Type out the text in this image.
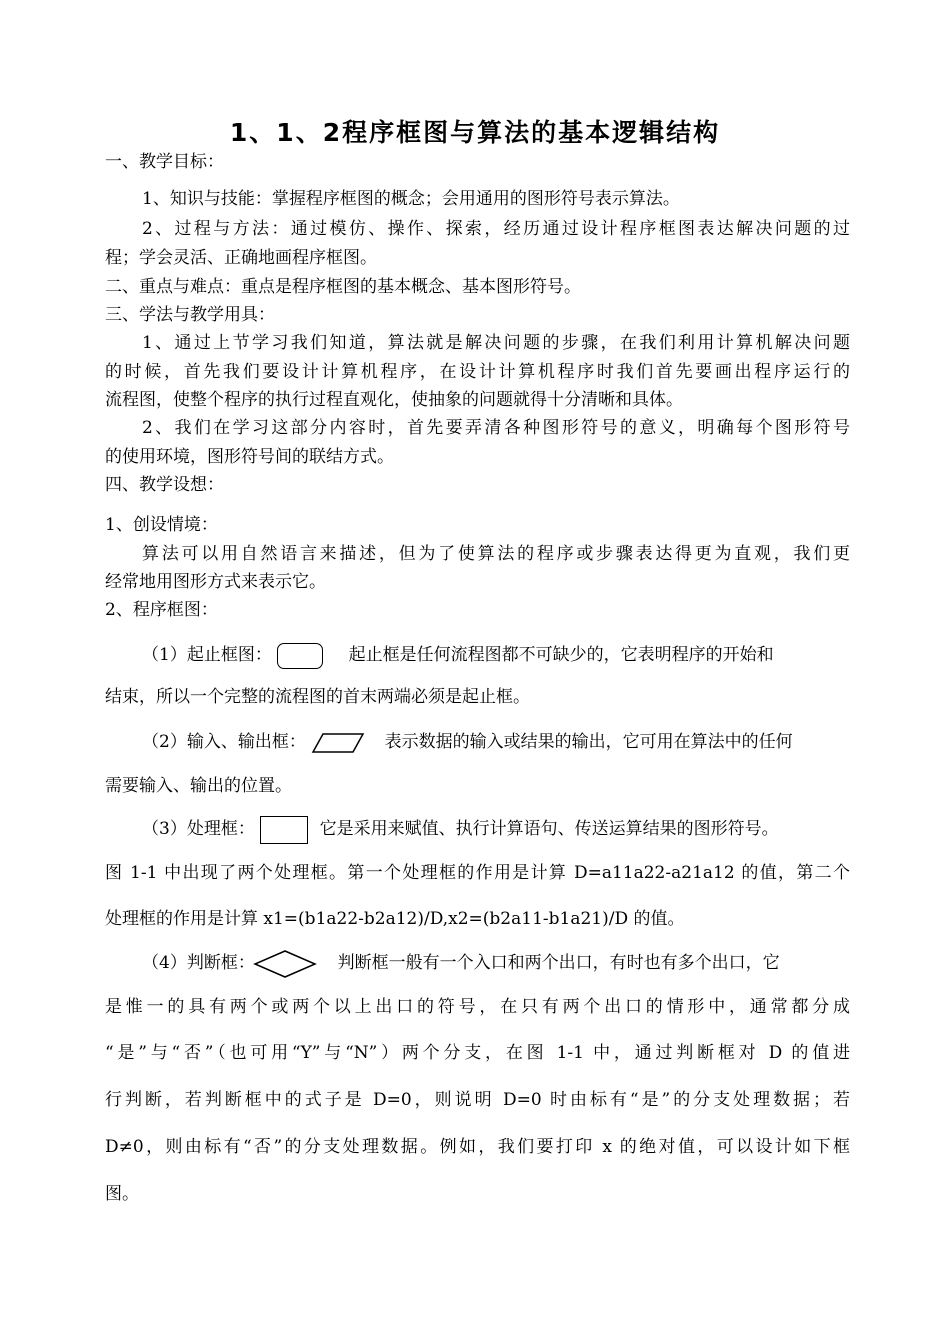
1、1、2程序框图与算法的基本逻辑结构
一、教学目标：
1、知识与技能：掌握程序框图的概念；会用通用的图形符号表示算法。
2、过程与方法：通过模仿、操作、探索，经历通过设计程序框图表达解决问题的过
程；学会灵活、正确地画程序框图。
二、重点与难点：重点是程序框图的基本概念、基本图形符号。
三、学法与教学用具：
1、通过上节学习我们知道，算法就是解决问题的步骤，在我们利用计算机解决问题
的时候，首先我们要设计计算机程序，在设计计算机程序时我们首先要画出程序运行的
流程图，使整个程序的执行过程直观化，使抽象的问题就得十分清晰和具体。
2、我们在学习这部分内容时，首先要弄清各种图形符号的意义，明确每个图形符号
的使用环境，图形符号间的联结方式。
四、教学设想：
1、创设情境：
算法可以用自然语言来描述，但为了使算法的程序或步骤表达得更为直观，我们更
经常地用图形方式来表示它。
2、程序框图：
（1）起止框图：	起止框是任何流程图都不可缺少的，它表明程序的开始和
结束，所以一个完整的流程图的首末两端必须是起止框。
（2）输入、输出框：	表示数据的输入或结果的输出，它可用在算法中的任何
需要输入、输出的位置。
（3）处理框：	它是采用来赋值、执行计算语句、传送运算结果的图形符号。
图 1-1 中出现了两个处理框。第一个处理框的作用是计算 D=a11a22-a21a12 的值，第二个
处理框的作用是计算 x1=(b1a22-b2a12)/D,x2=(b2a11-b1a21)/D 的值。
（4）判断框：	判断框一般有一个入口和两个出口，有时也有多个出口，它
是惟一的具有两个或两个以上出口的符号，在只有两个出口的情形中，通常都分成
“是”与“否”（也可用“Y”与“N”）两个分支，在图 1-1 中，通过判断框对 D 的值进
行判断，若判断框中的式子是 D=0，则说明 D=0 时由标有“是”的分支处理数据；若
D≠0，则由标有“否”的分支处理数据。例如，我们要打印 x 的绝对值，可以设计如下框
图。
